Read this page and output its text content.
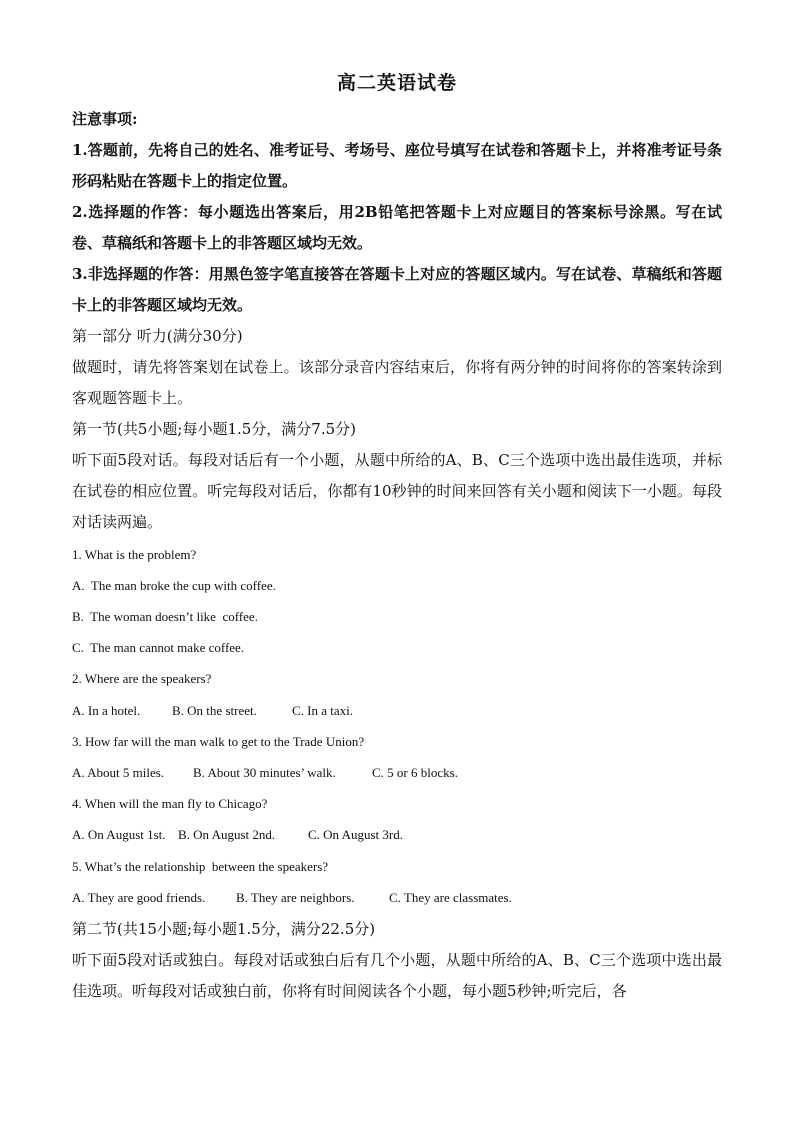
高二英语试卷
注意事项:
1.答题前，先将自己的姓名、准考证号、考场号、座位号填写在试卷和答题卡上，并将准考证号条形码粘贴在答题卡上的指定位置。
2.选择题的作答：每小题选出答案后，用2B铅笔把答题卡上对应题目的答案标号涂黑。写在试卷、草稿纸和答题卡上的非答题区域均无效。
3.非选择题的作答：用黑色签字笔直接答在答题卡上对应的答题区域内。写在试卷、草稿纸和答题卡上的非答题区域均无效。
第一部分 听力(满分30分)
做题时，请先将答案划在试卷上。该部分录音内容结束后，你将有两分钟的时间将你的答案转涂到客观题答题卡上。
第一节(共5小题;每小题1.5分，满分7.5分)
听下面5段对话。每段对话后有一个小题，从题中所给的A、B、C三个选项中选出最佳选项，并标在试卷的相应位置。听完每段对话后，你都有10秒钟的时间来回答有关小题和阅读下一小题。每段对话读两遍。
1. What is the problem?
A.  The man broke the cup with coffee.
B.  The woman doesn’t like  coffee.
C.  The man cannot make coffee.
2. Where are the speakers?
A. In a hotel. B. On the street.	C. In a taxi.
3. How far will the man walk to get to the Trade Union?
A. About 5 miles. B. About 30 minutes’ walk.	C. 5 or 6 blocks.
4. When will the man fly to Chicago?
A. On August 1st. B. On August 2nd.	C. On August 3rd.
5. What’s the relationship  between the speakers?
A. They are good friends. B. They are neighbors.	C. They are classmates.
第二节(共15小题;每小题1.5分，满分22.5分)
听下面5段对话或独白。每段对话或独白后有几个小题，从题中所给的A、B、C三个选项中选出最佳选项。听每段对话或独白前，你将有时间阅读各个小题，每小题5秒钟;听完后，各
